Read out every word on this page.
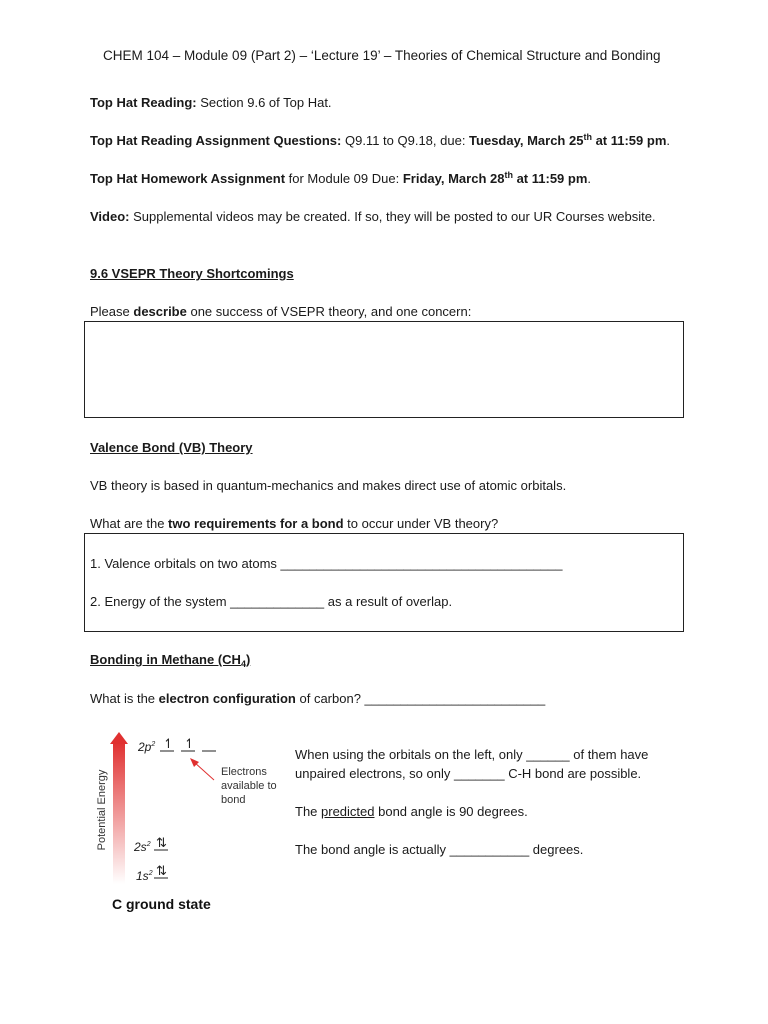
CHEM 104 – Module 09 (Part 2) – ‘Lecture 19’ – Theories of Chemical Structure and Bonding
Top Hat Reading: Section 9.6 of Top Hat.
Top Hat Reading Assignment Questions: Q9.11 to Q9.18, due: Tuesday, March 25th at 11:59 pm.
Top Hat Homework Assignment for Module 09 Due: Friday, March 28th at 11:59 pm.
Video: Supplemental videos may be created. If so, they will be posted to our UR Courses website.
9.6 VSEPR Theory Shortcomings
Please describe one success of VSEPR theory, and one concern:
Valence Bond (VB) Theory
VB theory is based in quantum-mechanics and makes direct use of atomic orbitals.
What are the two requirements for a bond to occur under VB theory?
1. Valence orbitals on two atoms _______________________________________
2. Energy of the system _____________ as a result of overlap.
Bonding in Methane $(CH_4)$
What is the electron configuration of carbon? _________________________
When using the orbitals on the left, only ______ of them have
unpaired electrons, so only _______ C-H bond are possible.
The predicted bond angle is 90 degrees.
The bond angle is actually ___________ degrees.
↿ ↿
⇅
⇅
Potential Energy
$2p^2$
$2s^2$
$1s^2$
Electrons
available to
bond
C ground state
